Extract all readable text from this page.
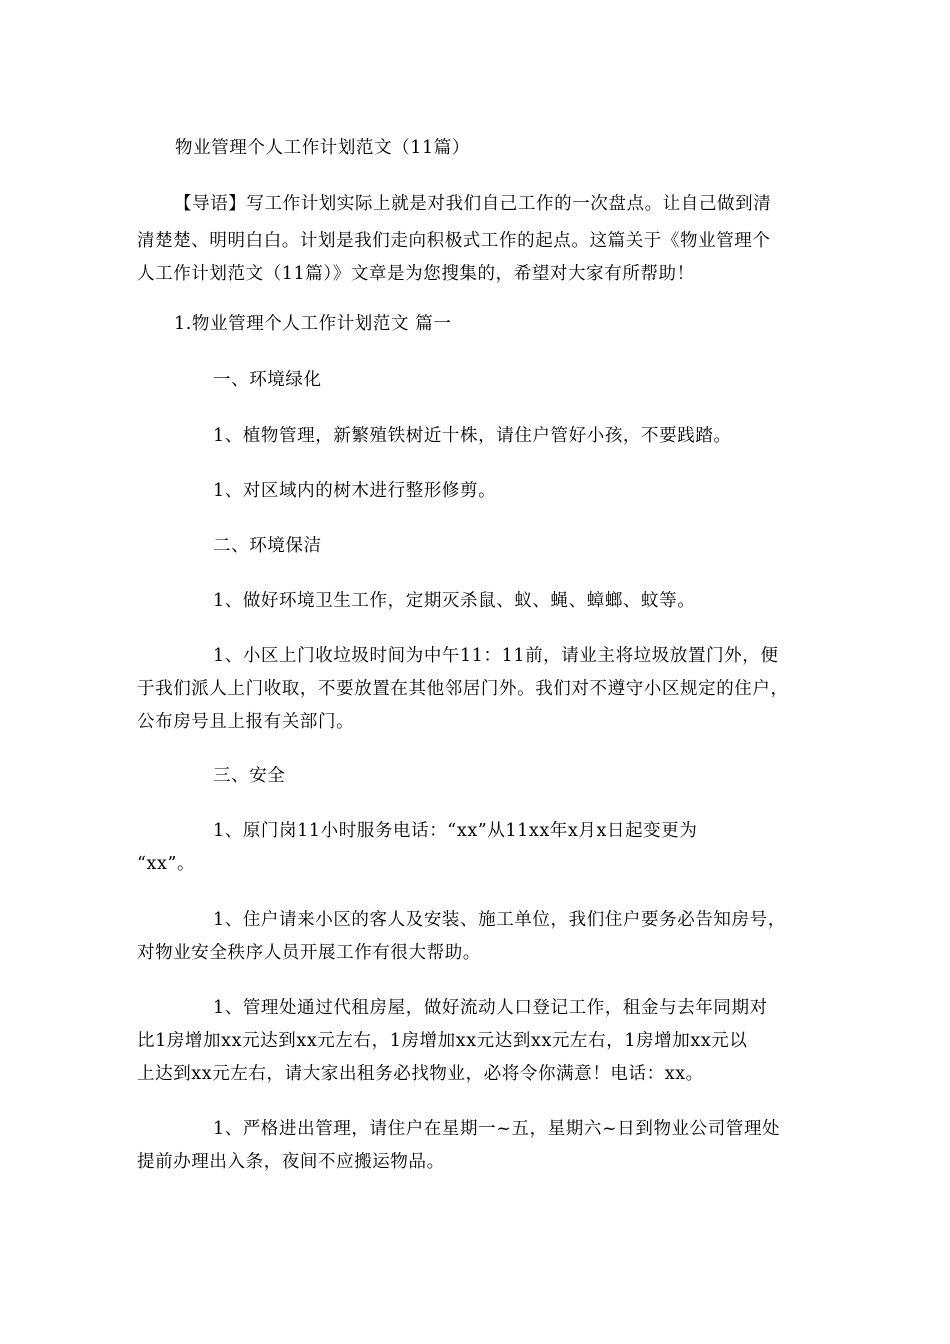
物业管理个人工作计划范文（11篇）
【导语】写工作计划实际上就是对我们自己工作的一次盘点。让自己做到清
清楚楚、明明白白。计划是我们走向积极式工作的起点。这篇关于《物业管理个
人工作计划范文（11篇）》文章是为您搜集的，希望对大家有所帮助！
1.物业管理个人工作计划范文 篇一
一、环境绿化
1、植物管理，新繁殖铁树近十株，请住户管好小孩，不要践踏。
1、对区域内的树木进行整形修剪。
二、环境保洁
1、做好环境卫生工作，定期灭杀鼠、蚁、蝇、蟑螂、蚊等。
1、小区上门收垃圾时间为中午11：11前，请业主将垃圾放置门外，便
于我们派人上门收取，不要放置在其他邻居门外。我们对不遵守小区规定的住户，
公布房号且上报有关部门。
三、安全
1、原门岗11小时服务电话：“xx”从11xx年x月x日起变更为
“xx”。
1、住户请来小区的客人及安装、施工单位，我们住户要务必告知房号，
对物业安全秩序人员开展工作有很大帮助。
1、管理处通过代租房屋，做好流动人口登记工作，租金与去年同期对
比1房增加xx元达到xx元左右，1房增加xx元达到xx元左右，1房增加xx元以
上达到xx元左右，请大家出租务必找物业，必将令你满意！电话：xx。
1、严格进出管理，请住户在星期一~五，星期六~日到物业公司管理处
提前办理出入条，夜间不应搬运物品。
